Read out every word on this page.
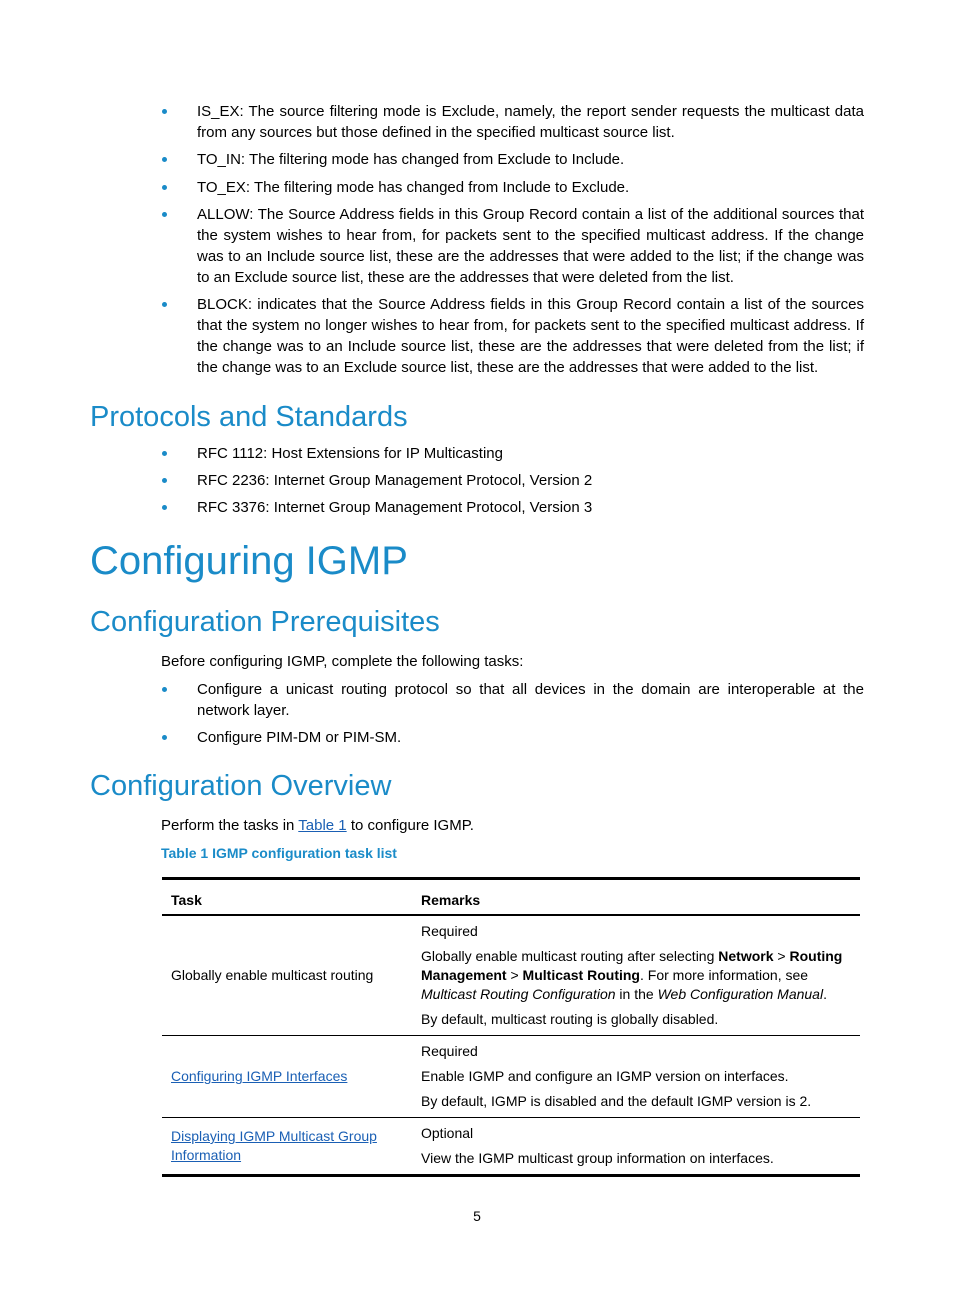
IS_EX: The source filtering mode is Exclude, namely, the report sender requests the multicast data from any sources but those defined in the specified multicast source list.
TO_IN: The filtering mode has changed from Exclude to Include.
TO_EX: The filtering mode has changed from Include to Exclude.
ALLOW: The Source Address fields in this Group Record contain a list of the additional sources that the system wishes to hear from, for packets sent to the specified multicast address. If the change was to an Include source list, these are the addresses that were added to the list; if the change was to an Exclude source list, these are the addresses that were deleted from the list.
BLOCK: indicates that the Source Address fields in this Group Record contain a list of the sources that the system no longer wishes to hear from, for packets sent to the specified multicast address. If the change was to an Include source list, these are the addresses that were deleted from the list; if the change was to an Exclude source list, these are the addresses that were added to the list.
Protocols and Standards
RFC 1112: Host Extensions for IP Multicasting
RFC 2236: Internet Group Management Protocol, Version 2
RFC 3376: Internet Group Management Protocol, Version 3
Configuring IGMP
Configuration Prerequisites
Before configuring IGMP, complete the following tasks:
Configure a unicast routing protocol so that all devices in the domain are interoperable at the network layer.
Configure PIM-DM or PIM-SM.
Configuration Overview
Perform the tasks in Table 1 to configure IGMP.
Table 1 IGMP configuration task list
Task	Remarks
Globally enable multicast routing	Required

Globally enable multicast routing after selecting Network > Routing Management > Multicast Routing. For more information, see Multicast Routing Configuration in the Web Configuration Manual.

By default, multicast routing is globally disabled.

Configuring IGMP Interfaces	Required

Enable IGMP and configure an IGMP version on interfaces.

By default, IGMP is disabled and the default IGMP version is 2.

Displaying IGMP Multicast Group Information	Optional

View the IGMP multicast group information on interfaces.

5
